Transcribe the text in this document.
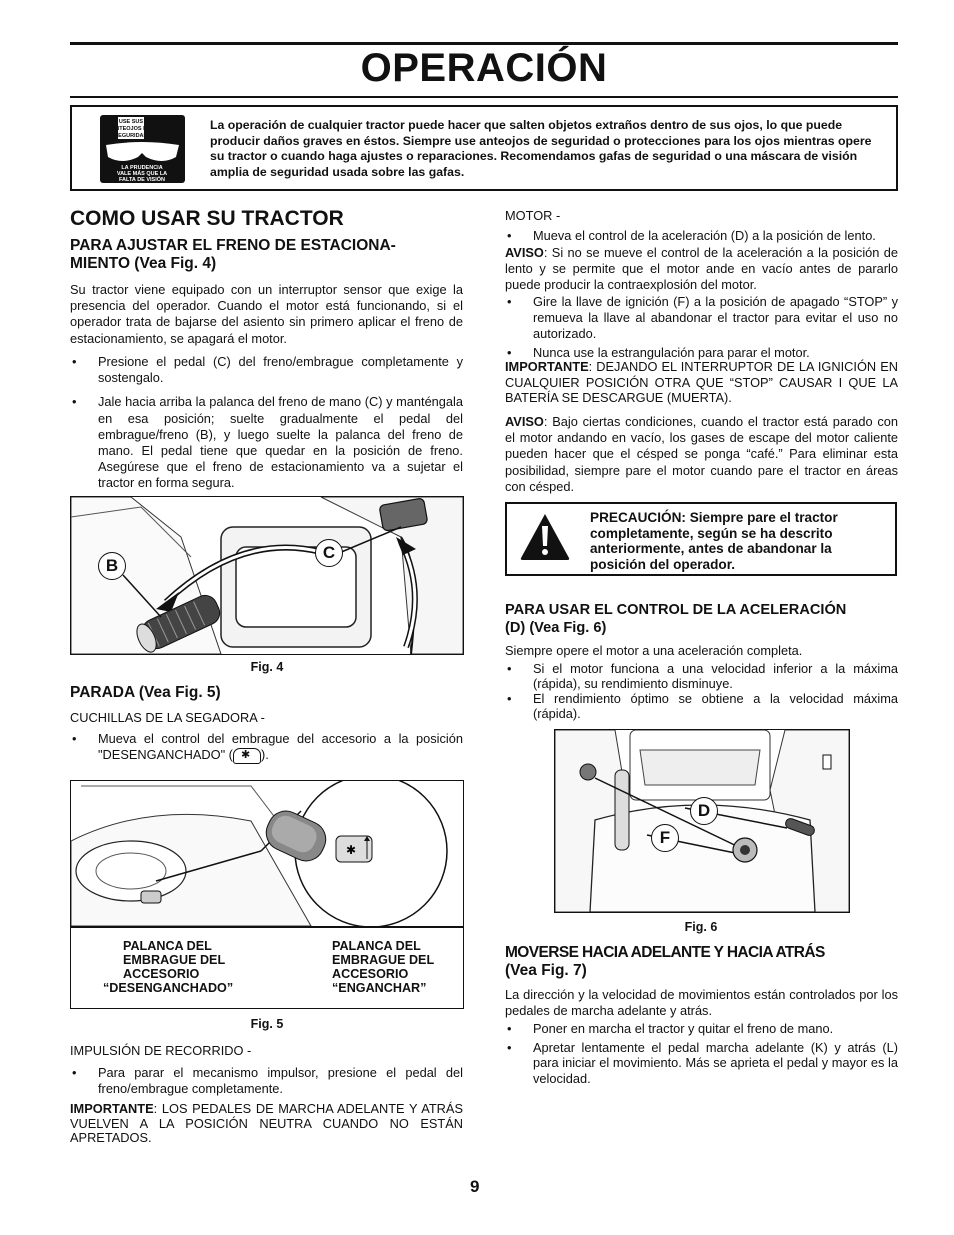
OPERACIÓN
USE SUS
ANTEOJOS DE
SEGURIDAD
LA PRUDENCIA
VALE MÁS QUE LA
FALTA DE VISIÓN
La operación de cualquier tractor puede hacer que salten objetos extraños dentro de sus ojos, lo que puede producir daños graves en éstos. Siempre use anteojos de seguridad o protecciones para los ojos mientras opere su tractor o cuando haga ajustes o reparaciones. Recomendamos gafas de seguridad o una máscara de visión amplia de seguridad usada sobre las gafas.
COMO USAR SU TRACTOR
PARA AJUSTAR EL FRENO DE ESTACIONA-
MIENTO (Vea Fig. 4)
Su tractor viene equipado con un interruptor sensor que exige la presencia del operador. Cuando el motor está funcionando, si el operador trata de bajarse del asiento sin primero aplicar el freno de estacionamiento, se apagará el motor.
• Presione el pedal (C) del freno/embrague completamente y sostengalo.
• Jale hacia arriba la palanca del freno de mano (C) y manténgala en esa posición; suelte gradualmente el pedal del embrague/freno (B), y luego suelte la palanca del freno de mano. El pedal tiene que quedar en la posición de freno. Asegúrese que el freno de estacionamiento va a sujetar el tractor en forma segura.
B
C
Fig. 4
PARADA (Vea Fig. 5)
CUCHILLAS DE LA SEGADORA -
• Mueva el control del embrague del accesorio a la posición "DESENGANCHADO" (✱ ).
✱

PALANCA DEL
EMBRAGUE DEL
ACCESORIO
“DESENGANCHADO”
PALANCA DEL
EMBRAGUE DEL
ACCESORIO
“ENGANCHAR”
Fig. 5
IMPULSIÓN DE RECORRIDO -
• Para parar el mecanismo impulsor, presione el pedal del freno/embrague completamente.
IMPORTANTE: LOS PEDALES DE MARCHA ADELANTE Y ATRÁS VUELVEN A LA POSICIÓN NEUTRA CUANDO NO ESTÁN APRETADOS.
MOTOR -
• Mueva el control de la aceleración (D) a la posición de lento.
AVISO: Si no se mueve el control de la aceleración a la posición de lento y se permite que el motor ande en vacío antes de pararlo puede producir la contraexplosión del motor.
• Gire la llave de ignición (F) a la posición de apagado “STOP” y remueva la llave al abandonar el tractor para evitar el uso no autorizado.
• Nunca use la estrangulación para parar el motor.
IMPORTANTE: DEJANDO EL INTERRUPTOR DE LA IGNICIÓN EN CUALQUIER POSICIÓN OTRA QUE “STOP” CAUSAR I QUE LA BATERÍA SE DESCARGUE (MUERTA).
AVISO: Bajo ciertas condiciones, cuando el tractor está parado con el motor andando en vacío, los gases de escape del motor caliente pueden hacer que el césped se ponga “café.” Para eliminar esta posibilidad, siempre pare el motor cuando pare el tractor en áreas con césped.
PRECAUCIÓN: Siempre pare el tractor completamente, según se ha descrito anteriormente, antes de abandonar la posición del operador.
PARA USAR EL CONTROL DE LA ACELERACIÓN
(D) (Vea Fig. 6)
Siempre opere el motor a una aceleración completa.
• Si el motor funciona a una velocidad inferior a la máxima (rápida), su rendimiento disminuye.
• El rendimiento óptimo se obtiene a la velocidad máxima (rápida).
D
F
Fig. 6
MOVERSE HACIA ADELANTE Y HACIA ATRÁS
(Vea Fig. 7)
La dirección y la velocidad de movimientos están controlados por los pedales de marcha adelante y atrás.
• Poner en marcha el tractor y quitar el freno de mano.
• Apretar lentamente el pedal marcha adelante (K) y atrás (L) para iniciar el movimiento. Más se aprieta el pedal y mayor es la velocidad.
9
